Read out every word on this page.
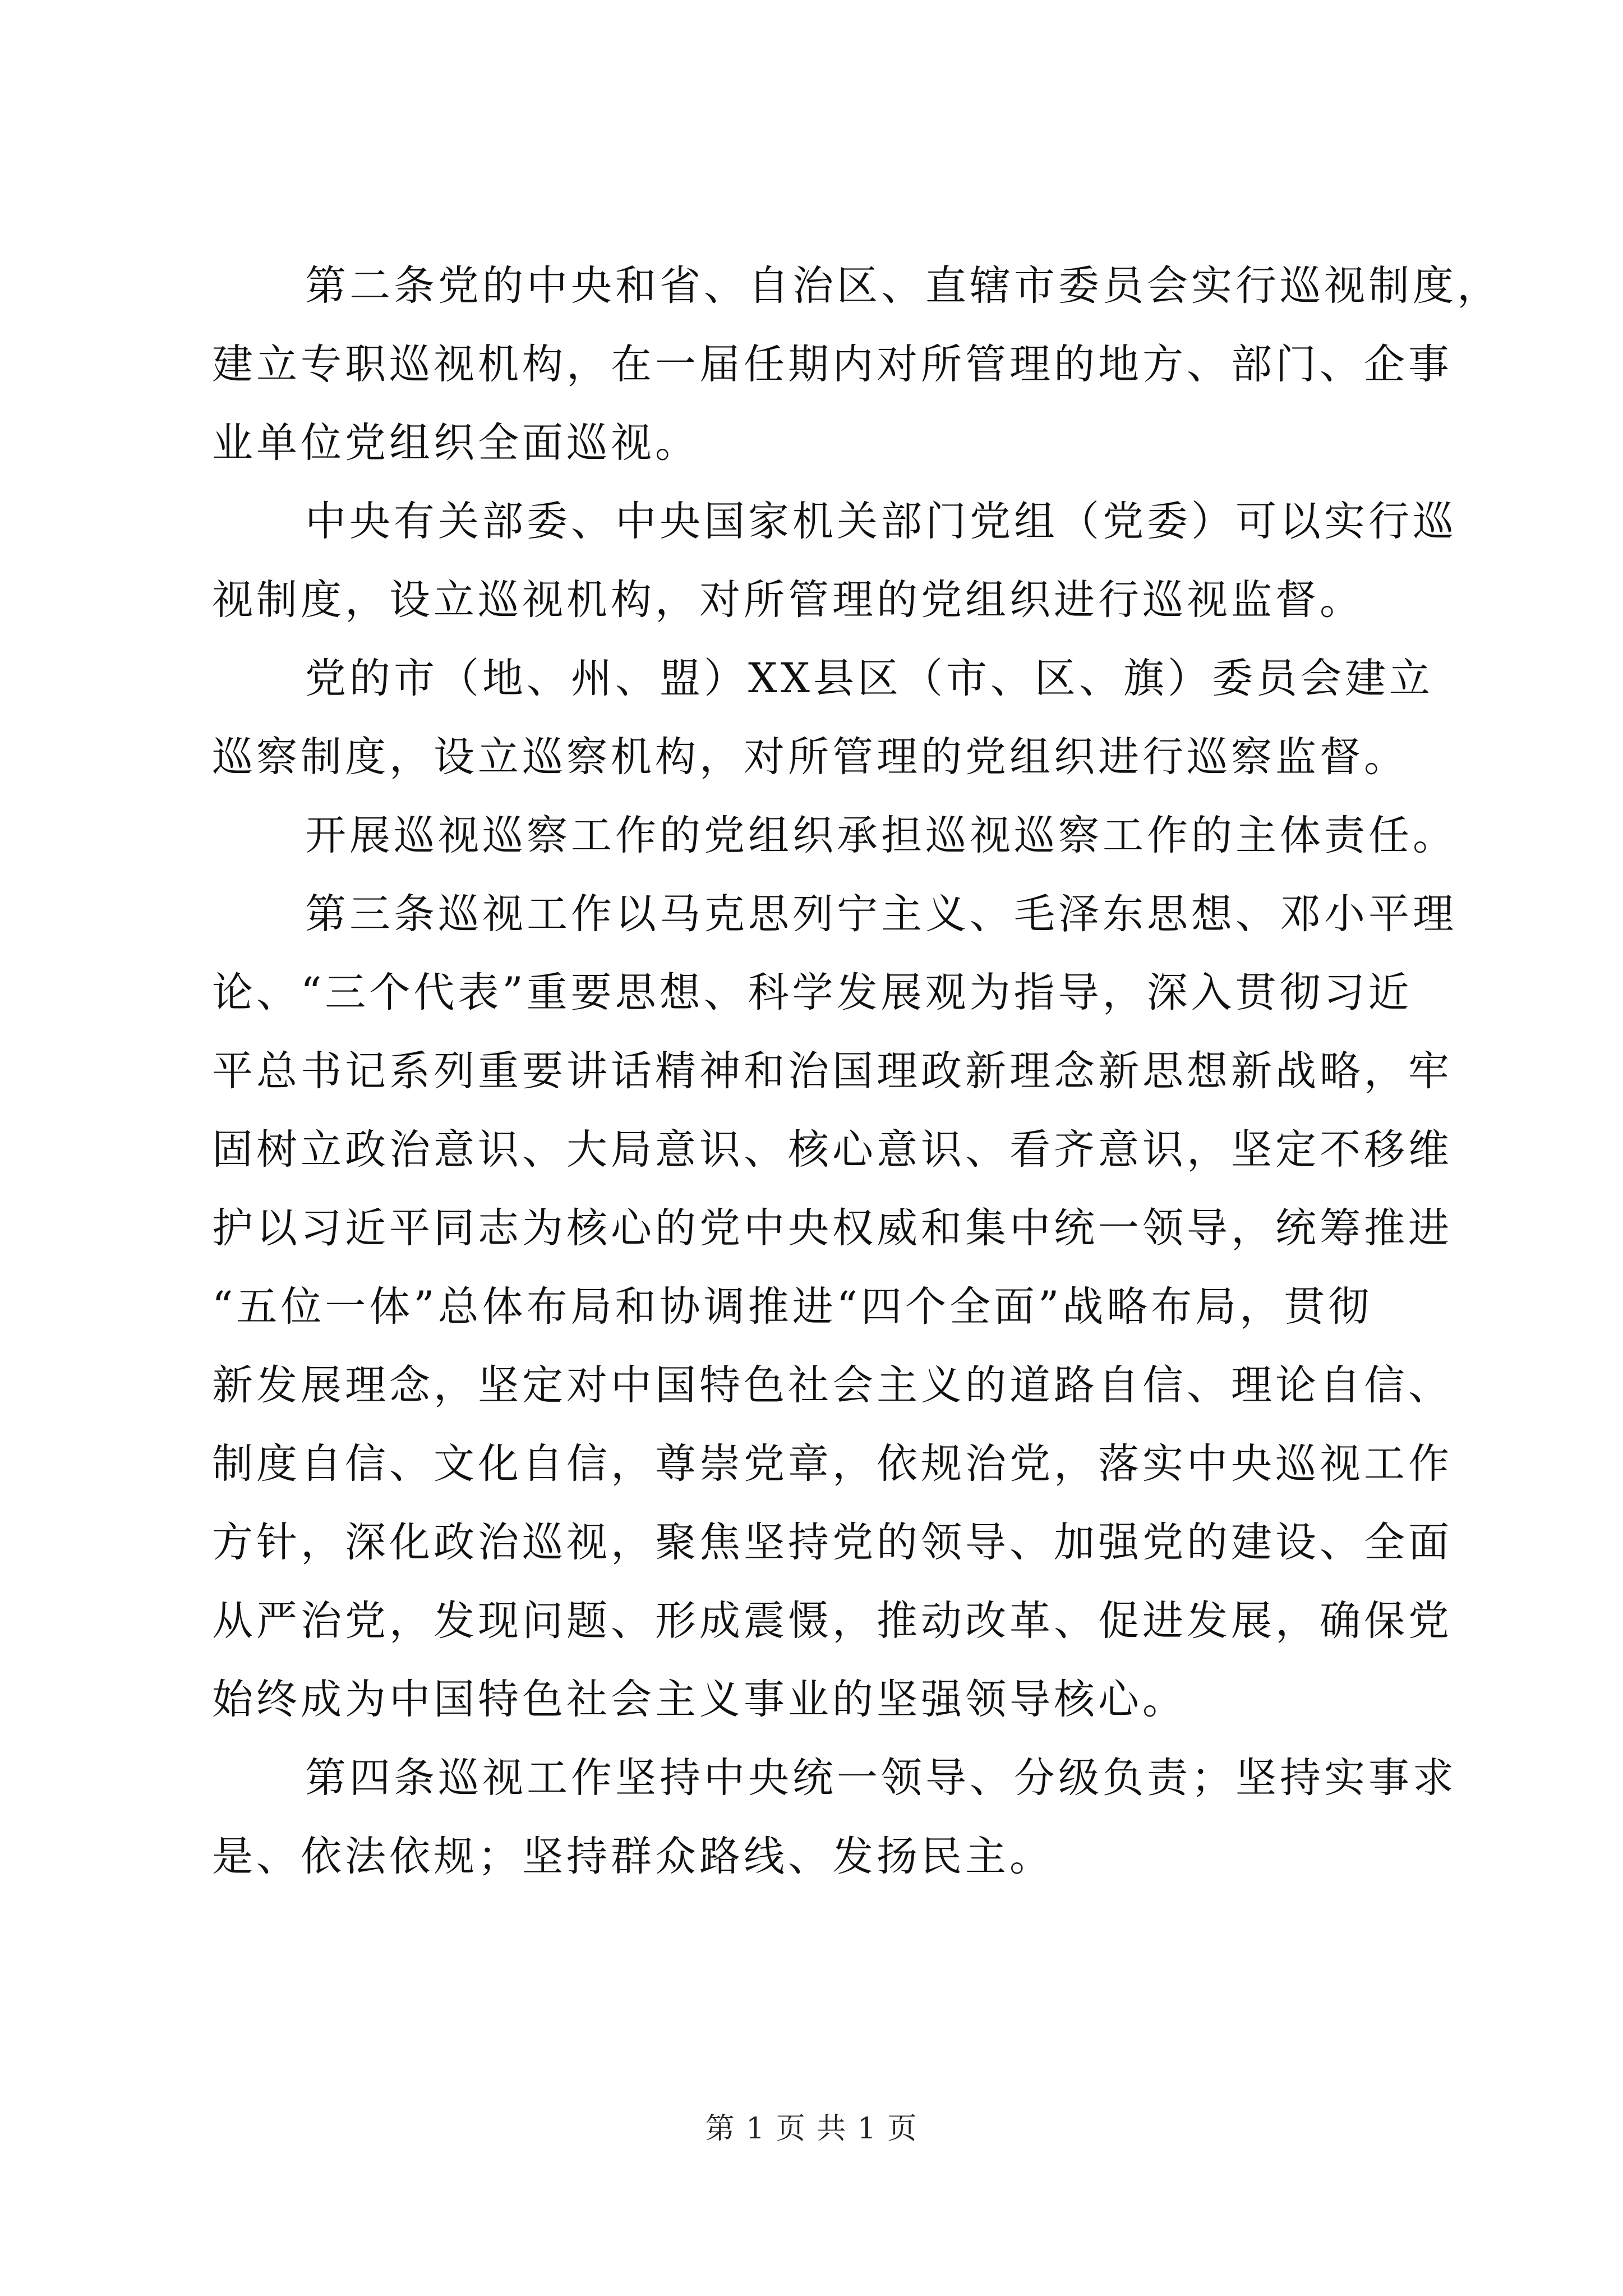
第二条党的中央和省、自治区、直辖市委员会实行巡视制度，
建立专职巡视机构，在一届任期内对所管理的地方、部门、企事
业单位党组织全面巡视。
中央有关部委、中央国家机关部门党组（党委）可以实行巡
视制度，设立巡视机构，对所管理的党组织进行巡视监督。
党的市（地、州、盟）XX县区（市、区、旗）委员会建立
巡察制度，设立巡察机构，对所管理的党组织进行巡察监督。
开展巡视巡察工作的党组织承担巡视巡察工作的主体责任。
第三条巡视工作以马克思列宁主义、毛泽东思想、邓小平理
论、“三个代表”重要思想、科学发展观为指导，深入贯彻习近
平总书记系列重要讲话精神和治国理政新理念新思想新战略，牢
固树立政治意识、大局意识、核心意识、看齐意识，坚定不移维
护以习近平同志为核心的党中央权威和集中统一领导，统筹推进
“五位一体”总体布局和协调推进“四个全面”战略布局，贯彻
新发展理念，坚定对中国特色社会主义的道路自信、理论自信、
制度自信、文化自信，尊崇党章，依规治党，落实中央巡视工作
方针，深化政治巡视，聚焦坚持党的领导、加强党的建设、全面
从严治党，发现问题、形成震慑，推动改革、促进发展，确保党
始终成为中国特色社会主义事业的坚强领导核心。
第四条巡视工作坚持中央统一领导、分级负责；坚持实事求
是、依法依规；坚持群众路线、发扬民主。
第 1 页 共 1 页
